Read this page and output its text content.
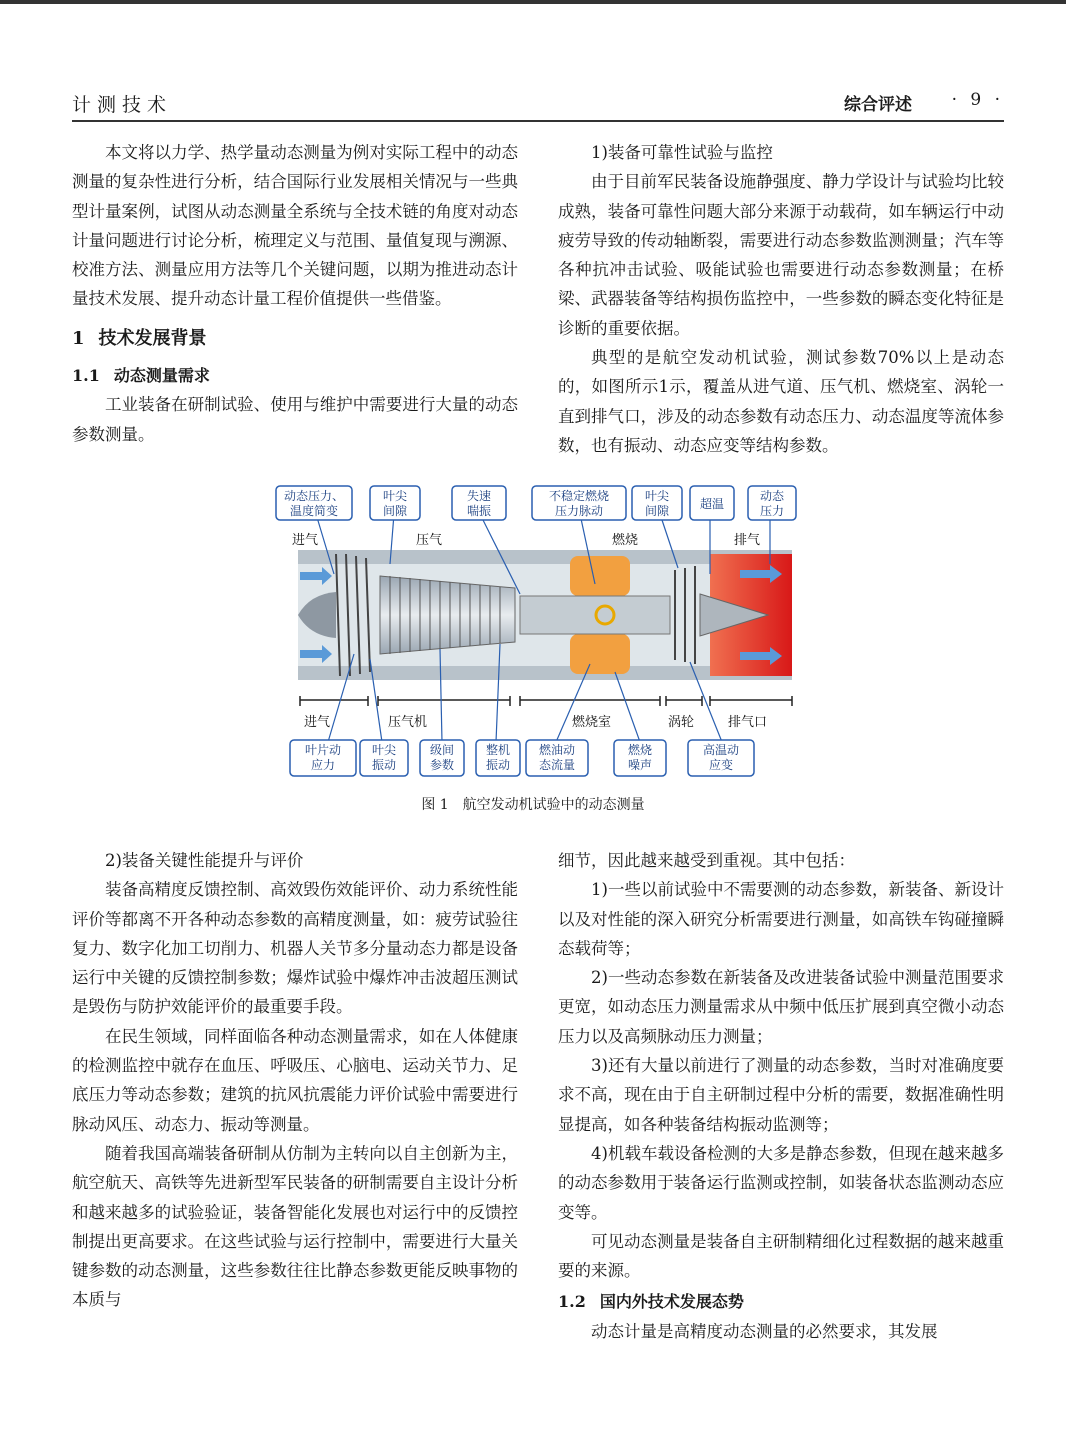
计测技术	综合评述 · 9 ·

本文将以力学、热学量动态测量为例对实际工程中的动态测量的复杂性进行分析，结合国际行业发展相关情况与一些典型计量案例，试图从动态测量全系统与全技术链的角度对动态计量问题进行讨论分析，梳理定义与范围、量值复现与溯源、校准方法、测量应用方法等几个关键问题，以期为推进动态计量技术发展、提升动态计量工程价值提供一些借鉴。

1 技术发展背景
1.1 动态测量需求

工业装备在研制试验、使用与维护中需要进行大量的动态参数测量。

1)装备可靠性试验与监控

由于目前军民装备设施静强度、静力学设计与试验均比较成熟，装备可靠性问题大部分来源于动载荷，如车辆运行中动疲劳导致的传动轴断裂，需要进行动态参数监测测量；汽车等各种抗冲击试验、吸能试验也需要进行动态参数测量；在桥梁、武器装备等结构损伤监控中，一些参数的瞬态变化特征是诊断的重要依据。

典型的是航空发动机试验，测试参数70%以上是动态的，如图所示1示，覆盖从进气道、压气机、燃烧室、涡轮一直到排气口，涉及的动态参数有动态压力、动态温度等流体参数，也有振动、动态应变等结构参数。

进气	压气	燃烧	排气
进气	压气机	燃烧室	涡轮	排气口
动态压力、
温度简变
叶尖
间隙
失速
喘振
不稳定燃烧
压力脉动
叶尖
间隙	超温
动态
压力
叶片动
应力
叶尖
振动
级间
参数
整机
振动
燃油动
态流量
燃烧
噪声
高温动
应变
图 1 航空发动机试验中的动态测量

2)装备关键性能提升与评价

装备高精度反馈控制、高效毁伤效能评价、动力系统性能评价等都离不开各种动态参数的高精度测量，如：疲劳试验往复力、数字化加工切削力、机器人关节多分量动态力都是设备运行中关键的反馈控制参数；爆炸试验中爆炸冲击波超压测试是毁伤与防护效能评价的最重要手段。

在民生领域，同样面临各种动态测量需求，如在人体健康的检测监控中就存在血压、呼吸压、心脑电、运动关节力、足底压力等动态参数；建筑的抗风抗震能力评价试验中需要进行脉动风压、动态力、振动等测量。

随着我国高端装备研制从仿制为主转向以自主创新为主，航空航天、高铁等先进新型军民装备的研制需要自主设计分析和越来越多的试验验证，装备智能化发展也对运行中的反馈控制提出更高要求。在这些试验与运行控制中，需要进行大量关键参数的动态测量，这些参数往往比静态参数更能反映事物的本质与

细节，因此越来越受到重视。其中包括：

1)一些以前试验中不需要测的动态参数，新装备、新设计以及对性能的深入研究分析需要进行测量，如高铁车钩碰撞瞬态载荷等；

2)一些动态参数在新装备及改进装备试验中测量范围要求更宽，如动态压力测量需求从中频中低压扩展到真空微小动态压力以及高频脉动压力测量；

3)还有大量以前进行了测量的动态参数，当时对准确度要求不高，现在由于自主研制过程中分析的需要，数据准确性明显提高，如各种装备结构振动监测等；

4)机载车载设备检测的大多是静态参数，但现在越来越多的动态参数用于装备运行监测或控制，如装备状态监测动态应变等。

可见动态测量是装备自主研制精细化过程数据的越来越重要的来源。

1.2 国内外技术发展态势

动态计量是高精度动态测量的必然要求，其发展
